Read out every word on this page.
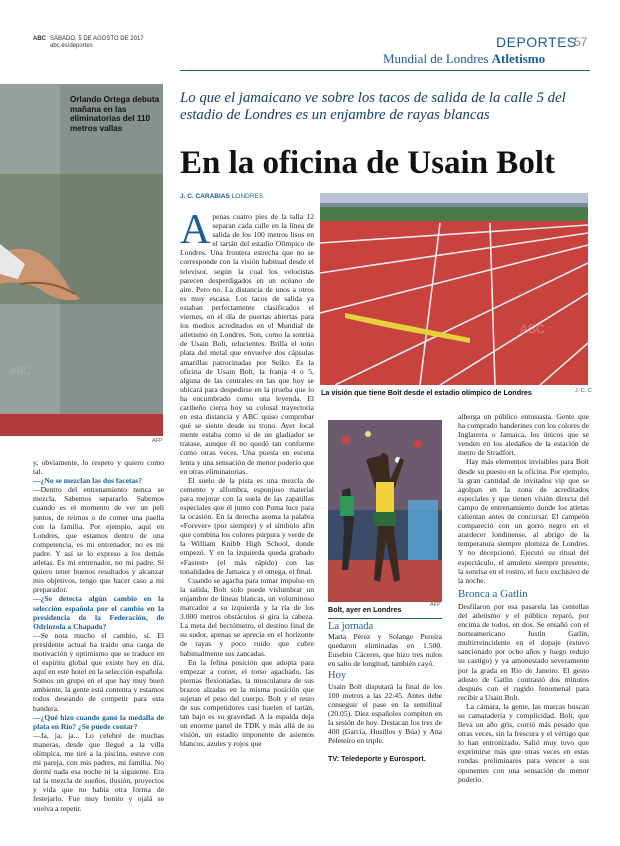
ABC SÁBADO, 5 DE AGOSTO DE 2017
abc.es/deportes	DEPORTES
57
Mundial de Londres Atletismo
ABC
Orlando Ortega debuta mañana en las eliminatorias del 110 metros vallas
AFP

y, obviamente, lo respeto y quiero como tal.

—¿No se mezclan las dos facetas?

—Dentro del entrenamiento nunca se mezcla. Sabemos separarlo. Sabemos cuando es el momento de ver un peli juntos, de reírnos o de comer una paella con la familia. Por ejemplo, aquí en Londres, que estamos dentro de una competencia, es mi entrenador, no es mi padre. Y así se lo expreso a los demás atletas. Es mi entrenador, no mi padre. Si quiero tener buenos resultados y alcanzar mis objetivos, tengo que hacer caso a mi preparador.

—¿Se detecta algún cambio en la selección española por el cambio en la presidencia de la Federación, de Odriozola a Chapado?

—Se nota mucho el cambio, sí. El presidente actual ha traído una carga de motivación y optimismo que se traduce en el espíritu global que existe hoy en día, aquí en este hotel en la selección española. Somos un grupo en el que hay muy buen ambiente, la gente está contenta y estamos todos deseando de competir para esta bandera.

—¿Qué hizo cuando ganó la medalla de plata en Río? ¿Se puede contar?

—Ja, ja, ja... Lo celebré de muchas maneras, desde que llegué a la villa olímpica, me tiré a la piscina, estuve con mi pareja, con mis padres, mi familia. No dormí nada esa noche ni la siguiente. Era tal la mezcla de sueños, ilusión, proyectos y vida que no había otra forma de festejarlo. Fue muy bonito y ojalá se vuelva a repetir.

Lo que el jamaicano ve sobre los tacos de salida de la calle 5 del estadio de Londres es un enjambre de rayas blancas
En la oficina de Usain Bolt
J. C. CARABIAS LONDRES
A penas cuatro pies de la talla 12 separan cada calle en la línea de salida de los 100 metros lisos en el tartán del estadio Olímpico de Londres. Una frontera estrecha que no se corresponde con la visión habitual desde el televisor, según la cual los velocistas parecen desperdigados en un océano de aire. Pero no. La distancia de unos a otros es muy escasa. Los tacos de salida ya estaban perfectamente clasificados el viernes, en el día de puertas abiertas para los medios acreditados en el Mundial de atletismo en Londres. Son, como la sonrisa de Usain Bolt, relucientes. Brilla el tono plata del metal que envuelve dos cápsulas amarillas patrocinadas por Seiko. Es la oficina de Usain Bolt, la franja 4 o 5, alguna de las centrales en las que hoy se ubicará para despedirse en la prueba que lo ha encumbrado como una leyenda. El caribeño cierra hoy su colosal trayectoria en esta distancia y ABC quiso comprobar qué se siente desde su trono. Ayer local mente estaba como si de un gladiador se tratase, aunque él no quedó tan conforme como otras veces. Una puesta en escena lenta y una sensación de menor poderío que en otras eliminatorias.

El suelo de la pista es una mezcla de cemento y alfombra, esponjoso material para mejorar con la suela de las zapatillas especiales que él junto con Puma luce para la ocasión. En la derecha asoma la palabra «Forever» (por siempre) y el símbolo afín que combina los colores púrpura y verde de la William Knibb High School, donde empezó. Y en la izquierda queda grabado «Fastest» (el más rápido) con las tonalidades de Jamaica y el omega, el final.

Cuando se agacha para tomar impulso en la salida, Bolt solo puede vislumbrar un enjambre de líneas blancas, un voluminoso marcador a su izquierda y la ría de los 3.000 metros obstáculos si gira la cabeza. La meta del hectómetro, el destino final de su sudor, apenas se aprecia en el horizonte de rayas y poco ruido que cubre habitualmente sus zancadas.

En la felina posición que adopta para empezar a correr, el torso agachado, las piernas flexionadas, la musculatura de sus brazos alzadas en la misma posición que sujetan el peso del cuerpo, Bolt y el resto de sus competidores casi huelen el tartán, tan bajo es su gravedad. A la espalda deja un enorme panel de TDK y más allá de su visión, un estadio imponente de asientos blancos, azules y rojos que

ABC
La visión que tiene Bolt desde el estadio olímpico de Londres	J. C. C
Bolt, ayer en Londres	AFP
La jornada

Marta Pérez y Solange Pereira quedaron eliminadas en 1.500. Eusebio Cáceres, que hizo tres nulos en salto de longitud, también cayó.

Hoy

Usain Bolt disputará la final de los 100 metros a las 22:45. Antes debe conseguir el pase en la semifinal (20.05). Diez españoles compiten en la sesión de hoy. Destacan los tres de 400 (García, Husillos y Búa) y Ana Peleteiro en triple.

TV: Teledeporte y Eurosport.

alberga un público entusiasta. Gente que ha comprado banderines con los colores de Inglaterra o Jamaica, los únicos que se venden en los aledaños de la estación de metro de Stradfort.

Hay más elementos invisibles para Bolt desde su puesto en la oficina. Por ejemplo, la gran cantidad de invitados vip que se agolpan en la zona de acreditados especiales y que tienen visión directa del campo de entrenamiento donde los atletas calientan antes de concursar. El campeón compareció con un gorro negro en el atardecer londinense, al abrigo de la temperatura siempre plomiza de Londres. Y no decepcionó. Ejecutó su ritual del espectáculo, el amuleto siempre presente, la sonrisa en el rostro, el foco exclusivo de la noche.

Bronca a Gatlin

Desfilaron por esa pasarela las centellas del atletismo y el público reparó, por encima de todos, en dos. Se ensañó con el norteamericano Justin Gatlin, multirreincidente en el dopaje (estuvo sancionado por ocho años y luego redujo su castigo) y ya amonestado severamente por la grada en Río de Janeiro. El gesto adusto de Gatlin contrastó dos minutos después con el rugido fenomenal para recibir a Usain Bolt.

La cámara, la gente, las marcas buscan su camaradería y complicidad. Bolt, que lleva un año gris, corrió más pesado que otras veces, sin la frescura y el vértigo que lo han entronizado. Salió muy tuvo que exprimirse más que otras veces en estas rondas preliminares para vencer a sus oponentes con una sensación de menor poderío.
